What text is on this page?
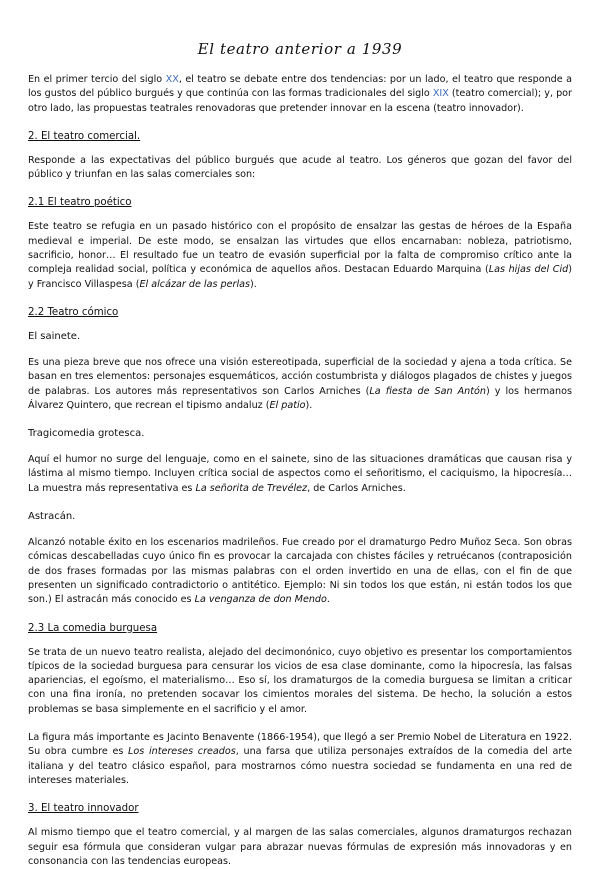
El teatro anterior a 1939

En el primer tercio del siglo XX, el teatro se debate entre dos tendencias: por un lado, el teatro que responde a los gustos del público burgués y que continúa con las formas tradicionales del siglo XIX (teatro comercial); y, por otro lado, las propuestas teatrales renovadoras que pretender innovar en la escena (teatro innovador).

2. El teatro comercial.

Responde a las expectativas del público burgués que acude al teatro. Los géneros que gozan del favor del público y triunfan en las salas comerciales son:

2.1 El teatro poético

Este teatro se refugia en un pasado histórico con el propósito de ensalzar las gestas de héroes de la España medieval e imperial. De este modo, se ensalzan las virtudes que ellos encarnaban: nobleza, patriotismo, sacrificio, honor… El resultado fue un teatro de evasión superficial por la falta de compromiso crítico ante la compleja realidad social, política y económica de aquellos años. Destacan Eduardo Marquina (Las hijas del Cid) y Francisco Villaspesa (El alcázar de las perlas).

2.2 Teatro cómico
El sainete.

Es una pieza breve que nos ofrece una visión estereotipada, superficial de la sociedad y ajena a toda crítica. Se basan en tres elementos: personajes esquemáticos, acción costumbrista y diálogos plagados de chistes y juegos de palabras. Los autores más representativos son Carlos Arniches (La fiesta de San Antón) y los hermanos Álvarez Quintero, que recrean el tipismo andaluz (El patio).

Tragicomedia grotesca.

Aquí el humor no surge del lenguaje, como en el sainete, sino de las situaciones dramáticas que causan risa y lástima al mismo tiempo. Incluyen crítica social de aspectos como el señoritismo, el caciquismo, la hipocresía… La muestra más representativa es La señorita de Trevélez, de Carlos Arniches.

Astracán.

Alcanzó notable éxito en los escenarios madrileños. Fue creado por el dramaturgo Pedro Muñoz Seca. Son obras cómicas descabelladas cuyo único fin es provocar la carcajada con chistes fáciles y retruécanos (contraposición de dos frases formadas por las mismas palabras con el orden invertido en una de ellas, con el fin de que presenten un significado contradictorio o antitético. Ejemplo: Ni sin todos los que están, ni están todos los que son.) El astracán más conocido es La venganza de don Mendo.

2.3 La comedia burguesa

Se trata de un nuevo teatro realista, alejado del decimonónico, cuyo objetivo es presentar los comportamientos típicos de la sociedad burguesa para censurar los vicios de esa clase dominante, como la hipocresía, las falsas apariencias, el egoísmo, el materialismo… Eso sí, los dramaturgos de la comedia burguesa se limitan a criticar con una fina ironía, no pretenden socavar los cimientos morales del sistema. De hecho, la solución a estos problemas se basa simplemente en el sacrificio y el amor.

La figura más importante es Jacinto Benavente (1866-1954), que llegó a ser Premio Nobel de Literatura en 1922. Su obra cumbre es Los intereses creados, una farsa que utiliza personajes extraídos de la comedia del arte italiana y del teatro clásico español, para mostrarnos cómo nuestra sociedad se fundamenta en una red de intereses materiales.

3. El teatro innovador

Al mismo tiempo que el teatro comercial, y al margen de las salas comerciales, algunos dramaturgos rechazan seguir esa fórmula que consideran vulgar para abrazar nuevas fórmulas de expresión más innovadoras y en consonancia con las tendencias europeas.
